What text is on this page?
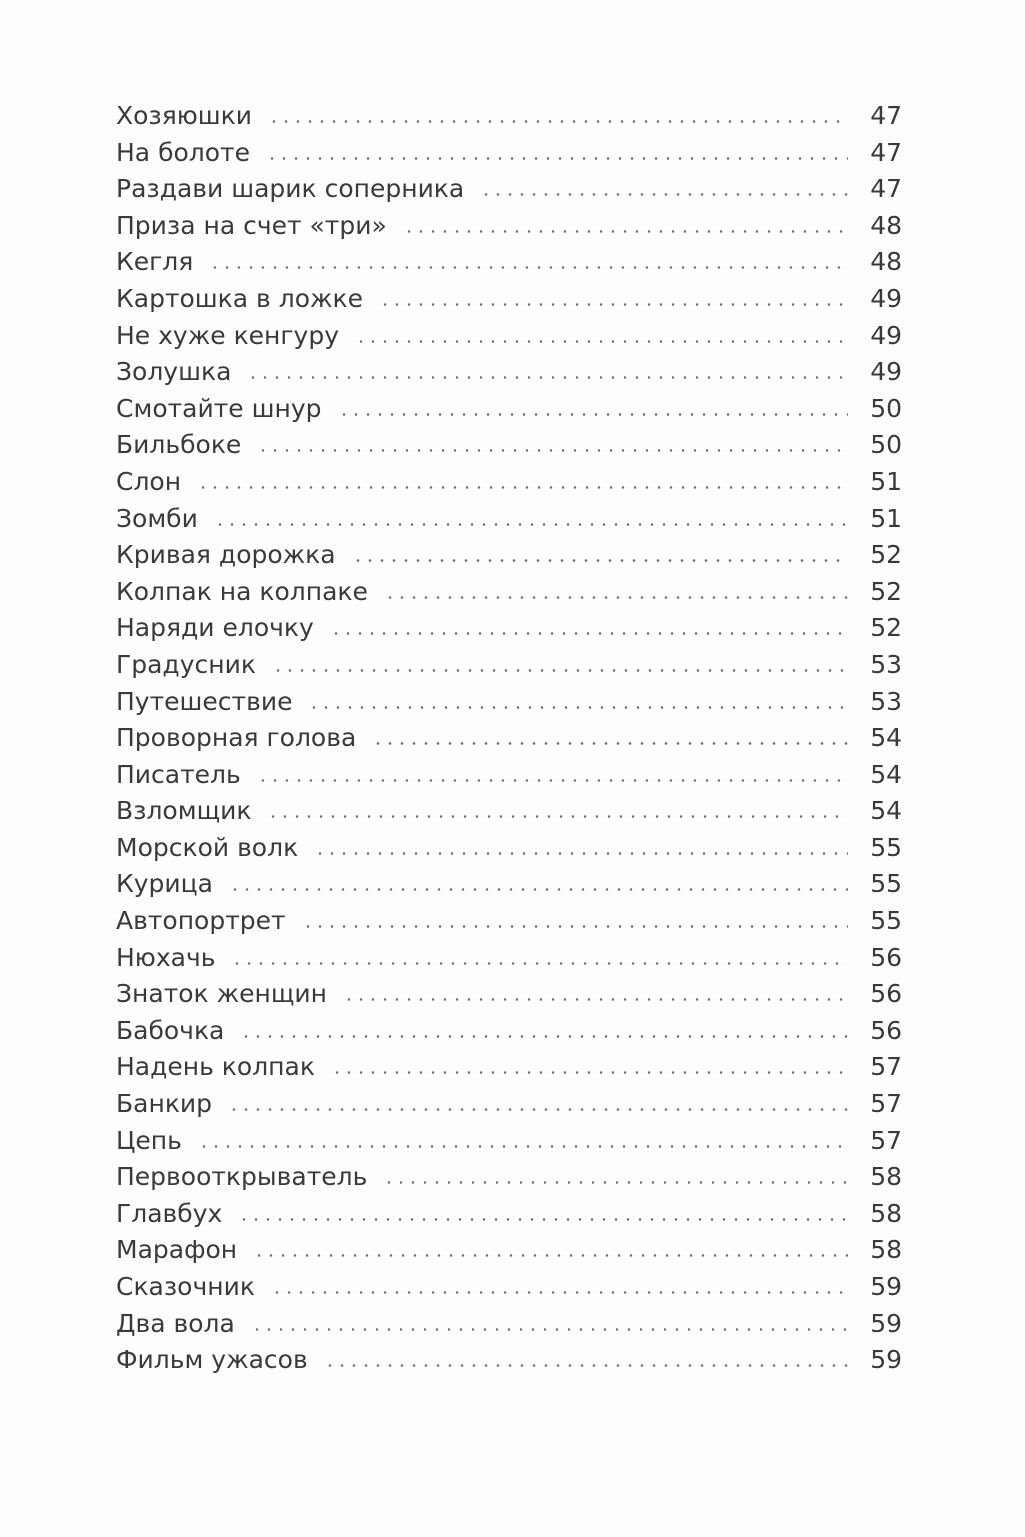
Хозяюшки	47
На болоте	47
Раздави шарик соперника	47
Приза на счет «три»	48
Кегля	48
Картошка в ложке	49
Не хуже кенгуру	49
Золушка	49
Смотайте шнур	50
Бильбоке	50
Слон	51
Зомби	51
Кривая дорожка	52
Колпак на колпаке	52
Наряди елочку	52
Градусник	53
Путешествие	53
Проворная голова	54
Писатель	54
Взломщик	54
Морской волк	55
Курица	55
Автопортрет	55
Нюхачь	56
Знаток женщин	56
Бабочка	56
Надень колпак	57
Банкир	57
Цепь	57
Первооткрыватель	58
Главбух	58
Марафон	58
Сказочник	59
Два вола	59
Фильм ужасов	59
